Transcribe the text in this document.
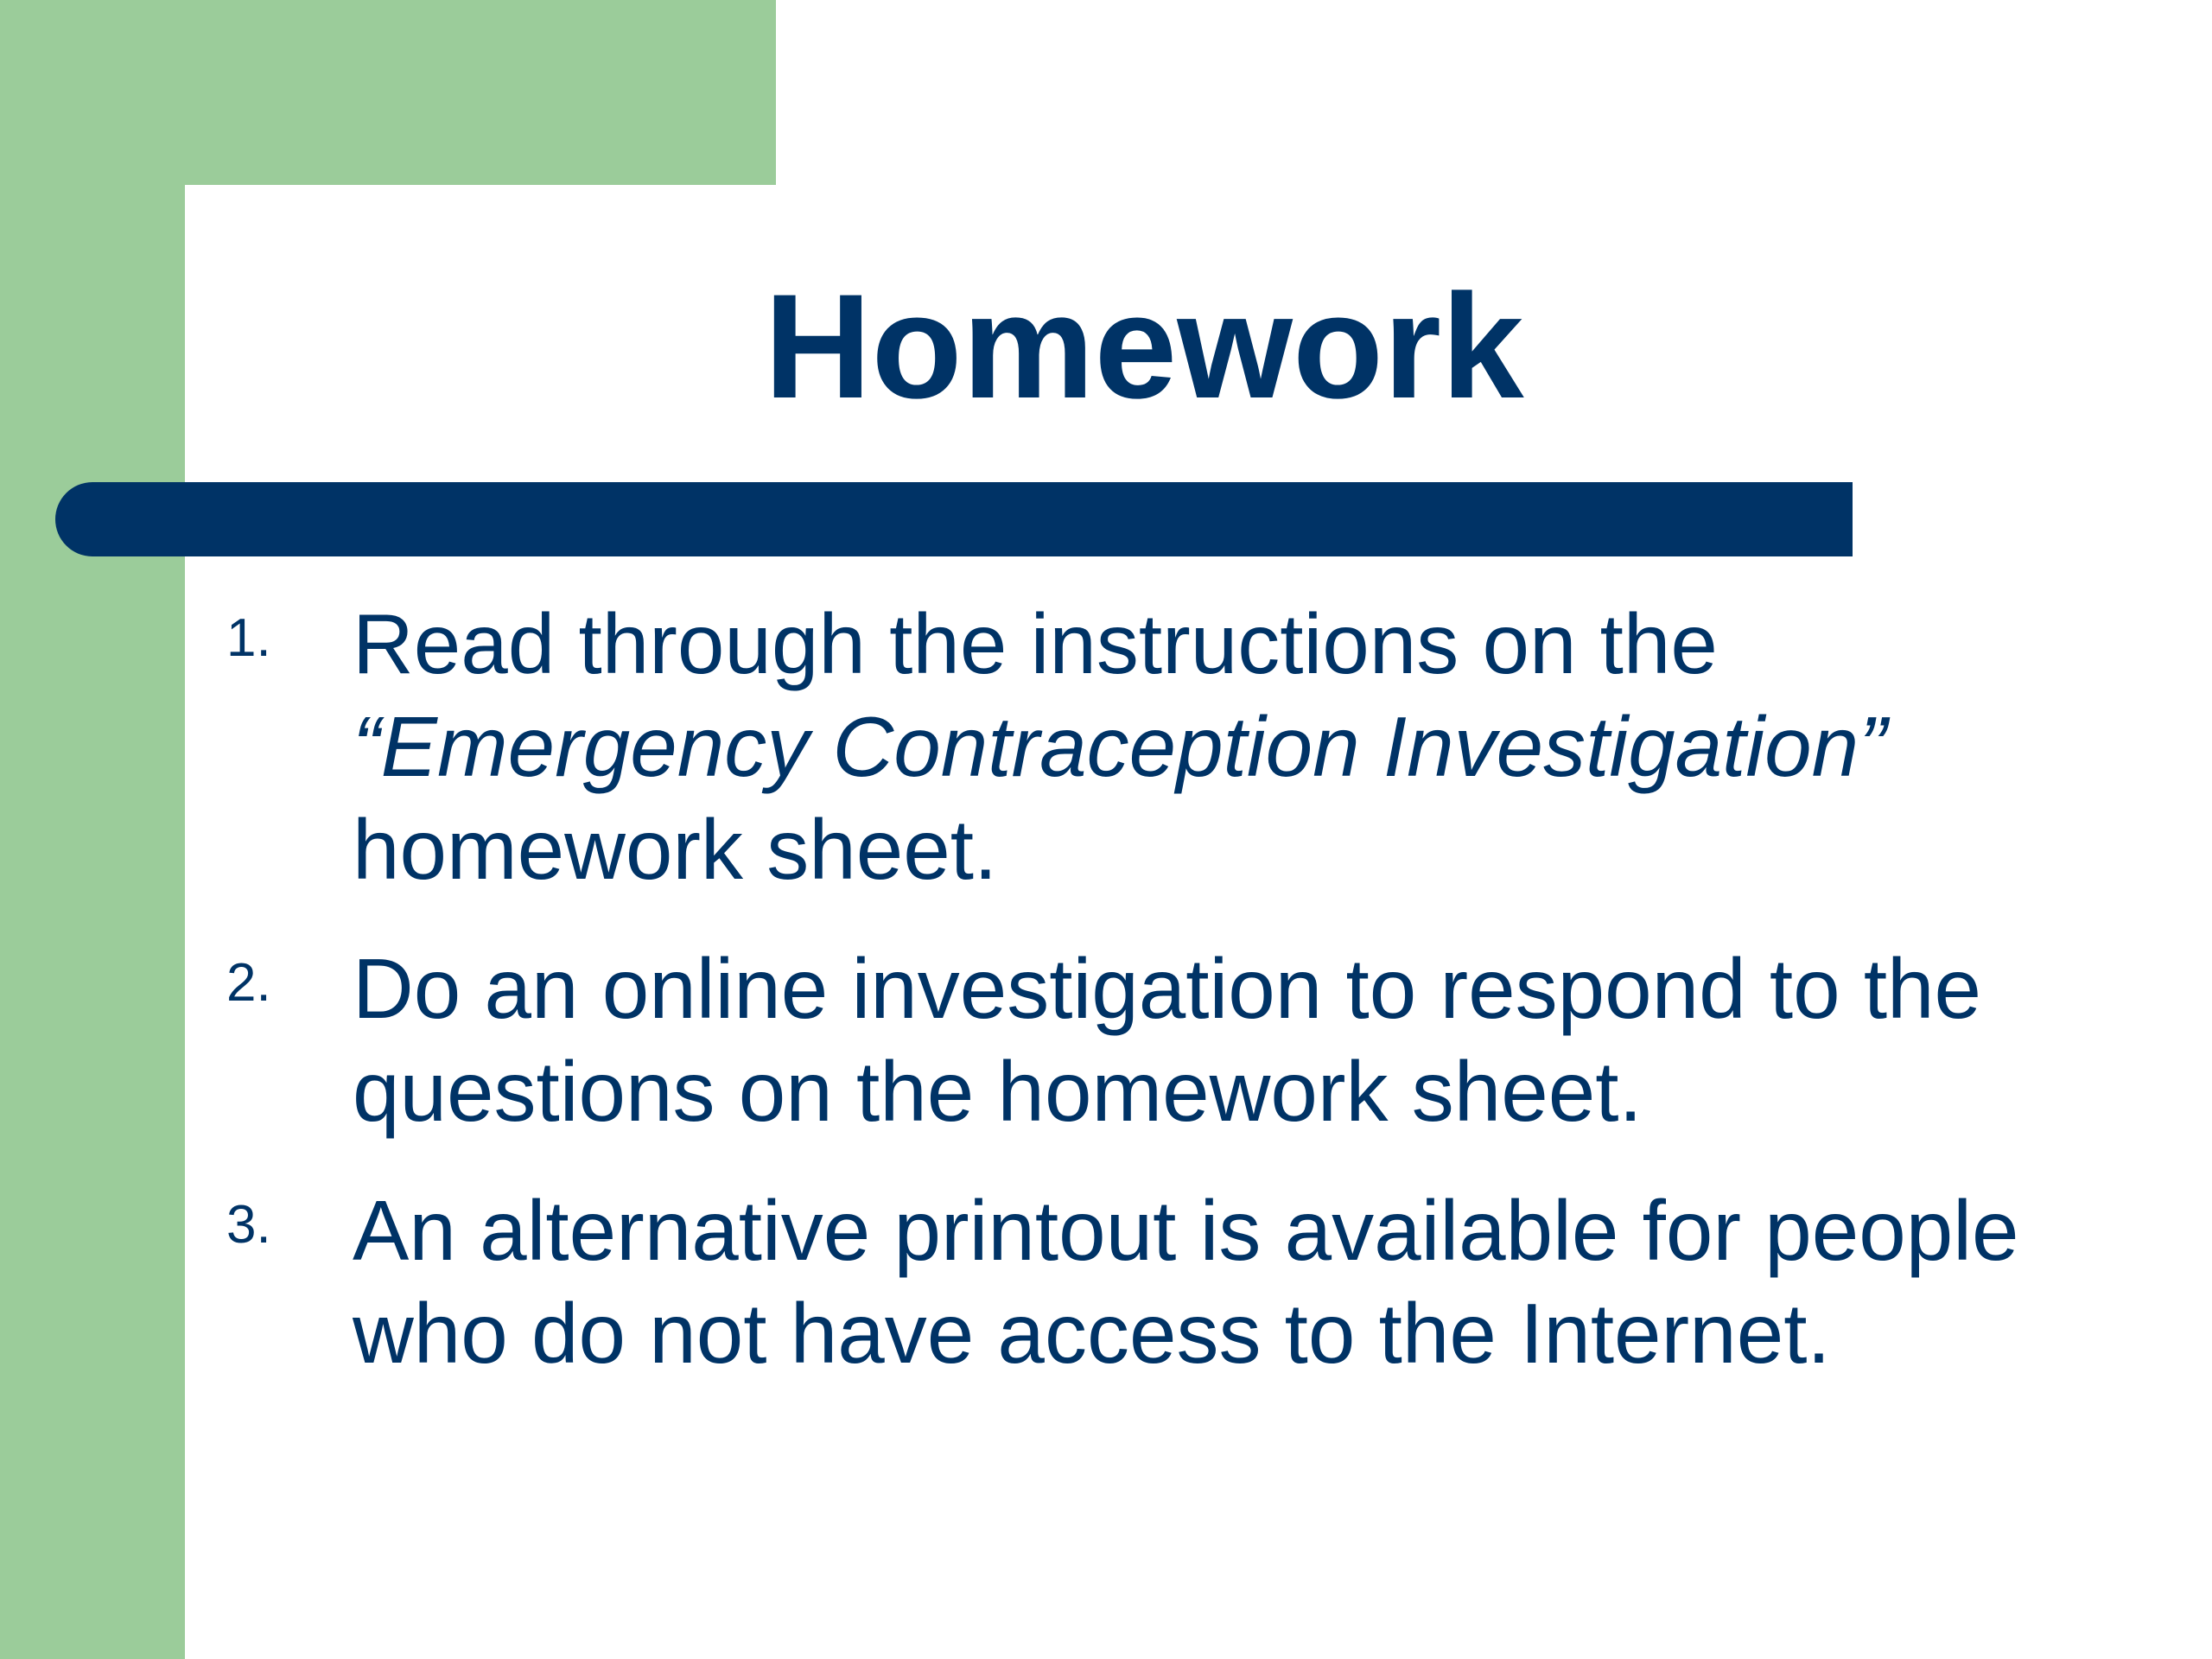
Homework
1. Read through the instructions on the
“Emergency Contraception Investigation”
homework sheet.
2. Do an online investigation to respond to the questions on the homework sheet.
3. An alternative printout is available for people who do not have access to the Internet.
